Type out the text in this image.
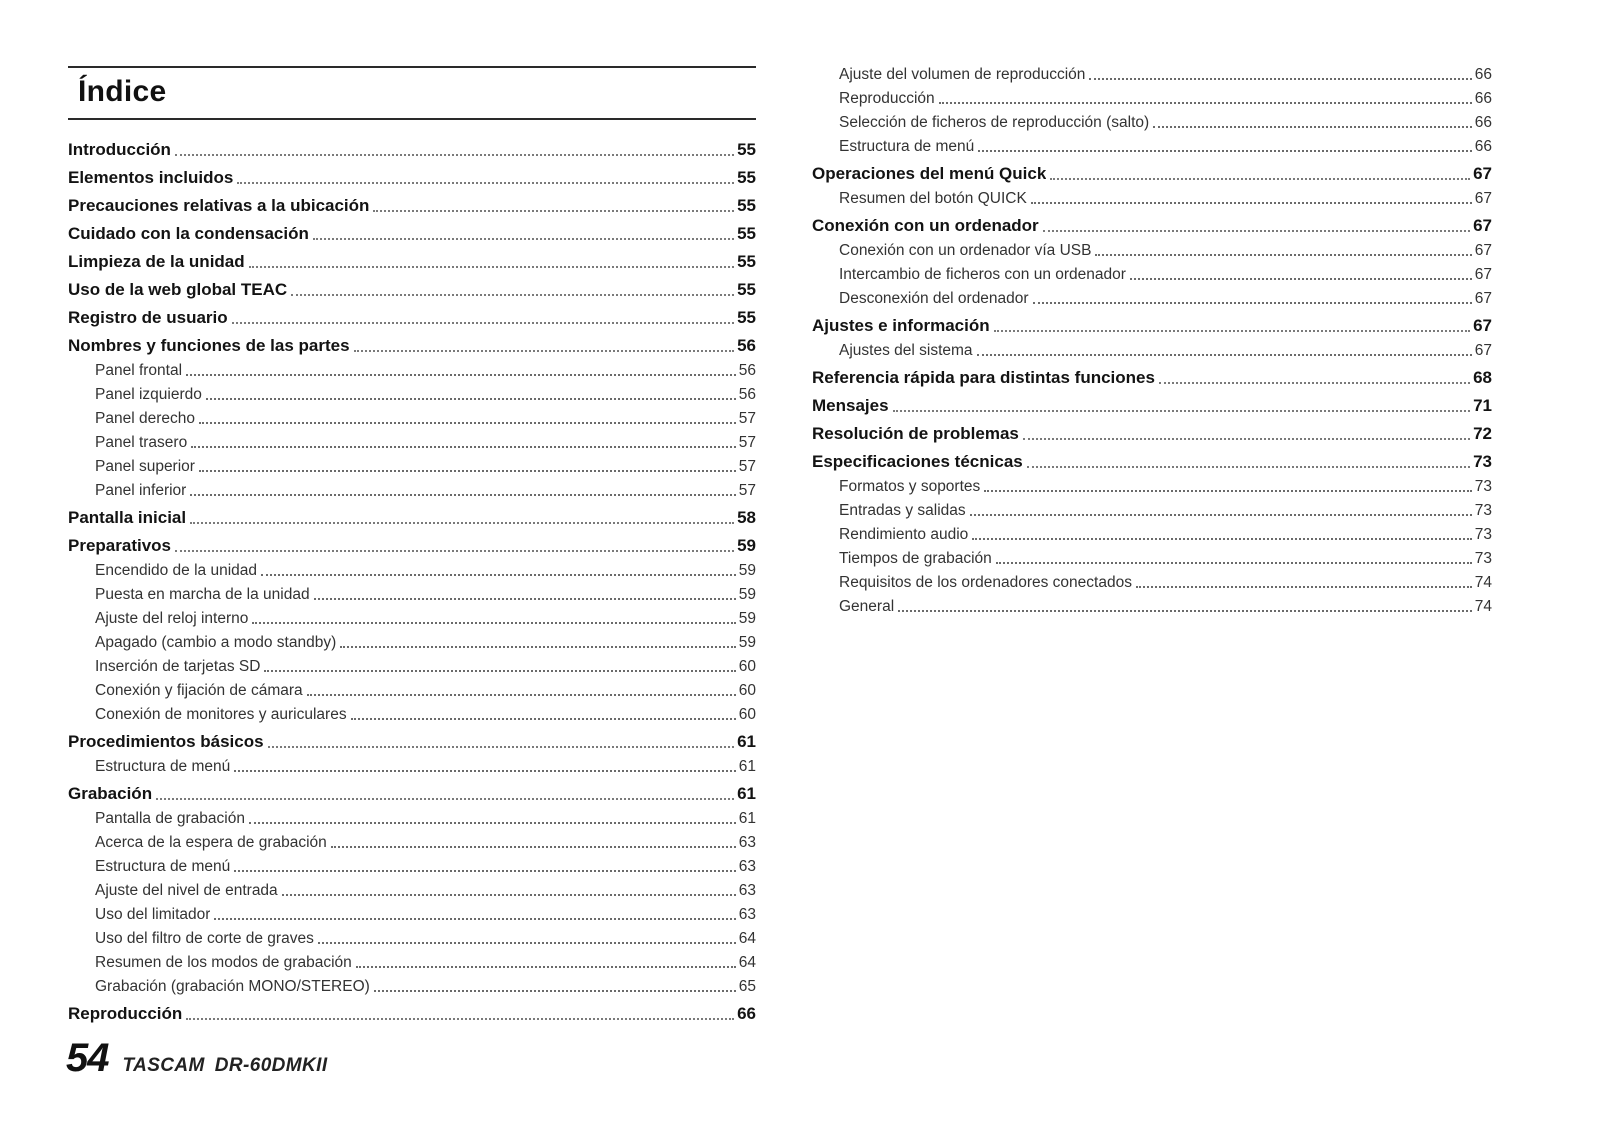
Índice
Introducción	55
Elementos incluidos	55
Precauciones relativas a la ubicación	55
Cuidado con la condensación	55
Limpieza de la unidad	55
Uso de la web global TEAC	55
Registro de usuario	55
Nombres y funciones de las partes	56
Panel frontal	56
Panel izquierdo	56
Panel derecho	57
Panel trasero	57
Panel superior	57
Panel inferior	57
Pantalla inicial	58
Preparativos	59
Encendido de la unidad	59
Puesta en marcha de la unidad	59
Ajuste del reloj interno	59
Apagado (cambio a modo standby)	59
Inserción de tarjetas SD	60
Conexión y fijación de cámara	60
Conexión de monitores y auriculares	60
Procedimientos básicos	61
Estructura de menú	61
Grabación	61
Pantalla de grabación	61
Acerca de la espera de grabación	63
Estructura de menú	63
Ajuste del nivel de entrada	63
Uso del limitador	63
Uso del filtro de corte de graves	64
Resumen de los modos de grabación	64
Grabación (grabación MONO/STEREO)	65
Reproducción	66
Ajuste del volumen de reproducción	66
Reproducción	66
Selección de ficheros de reproducción (salto)	66
Estructura de menú	66
Operaciones del menú Quick	67
Resumen del botón QUICK	67
Conexión con un ordenador	67
Conexión con un ordenador vía USB	67
Intercambio de ficheros con un ordenador	67
Desconexión del ordenador	67
Ajustes e información	67
Ajustes del sistema	67
Referencia rápida para distintas funciones	68
Mensajes	71
Resolución de problemas	72
Especificaciones técnicas	73
Formatos y soportes	73
Entradas y salidas	73
Rendimiento audio	73
Tiempos de grabación	73
Requisitos de los ordenadores conectados	74
General	74
54 TASCAM DR-60DMKII
